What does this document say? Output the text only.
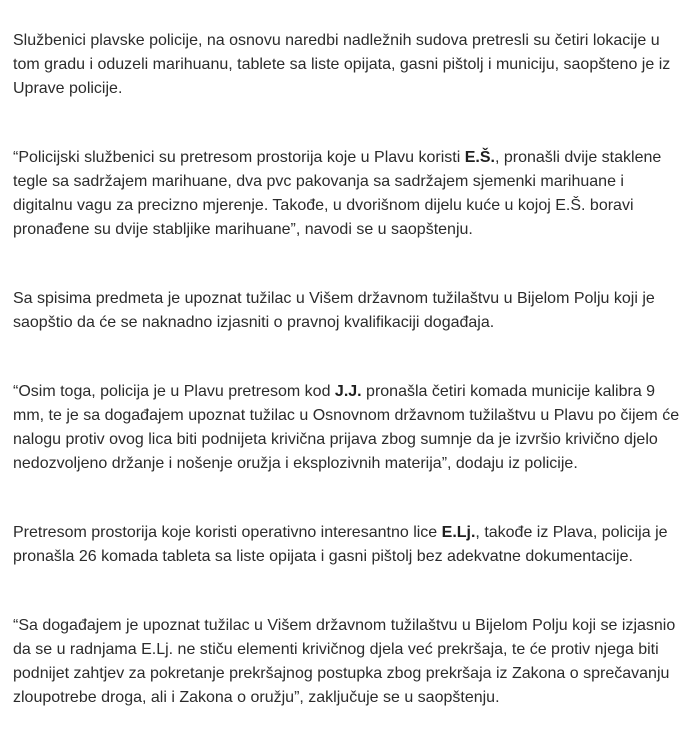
Službenici plavske policije, na osnovu naredbi nadležnih sudova pretresli su četiri lokacije u
tom gradu i oduzeli marihuanu, tablete sa liste opijata, gasni pištolj i municiju, saopšteno je iz
Uprave policije.

“Policijski službenici su pretresom prostorija koje u Plavu koristi E.Š., pronašli dvije staklene
tegle sa sadržajem marihuane, dva pvc pakovanja sa sadržajem sjemenki marihuane i
digitalnu vagu za precizno mjerenje. Takođe, u dvorišnom dijelu kuće u kojoj E.Š. boravi
pronađene su dvije stabljike marihuane”, navodi se u saopštenju.

Sa spisima predmeta je upoznat tužilac u Višem državnom tužilaštvu u Bijelom Polju koji je
saopštio da će se naknadno izjasniti o pravnoj kvalifikaciji događaja.

“Osim toga, policija je u Plavu pretresom kod J.J. pronašla četiri komada municije kalibra 9
mm, te je sa događajem upoznat tužilac u Osnovnom državnom tužilaštvu u Plavu po čijem će
nalogu protiv ovog lica biti podnijeta krivična prijava zbog sumnje da je izvršio krivično djelo
nedozvoljeno držanje i nošenje oružja i eksplozivnih materija”, dodaju iz policije.

Pretresom prostorija koje koristi operativno interesantno lice E.Lj., takođe iz Plava, policija je
pronašla 26 komada tableta sa liste opijata i gasni pištolj bez adekvatne dokumentacije.

“Sa događajem je upoznat tužilac u Višem državnom tužilaštvu u Bijelom Polju koji se izjasnio
da se u radnjama E.Lj. ne stiču elementi krivičnog djela već prekršaja, te će protiv njega biti
podnijet zahtjev za pokretanje prekršajnog postupka zbog prekršaja iz Zakona o sprečavanju
zloupotrebe droga, ali i Zakona o oružju”, zaključuje se u saopštenju.
